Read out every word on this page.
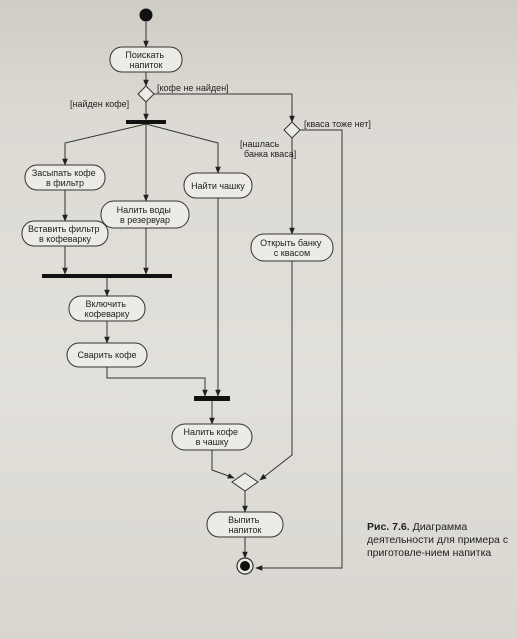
Поискать напиток
Засыпать кофе в фильтр
Налить воды в резервуар
Найти чашку
Вставить фильтр в кофеварку
Включить кофеварку
Сварить кофе
Открыть банку с квасом
Налить кофе в чашку
Выпить напиток
[кофе не найден]
[найден кофе]
[кваса тоже нет]
[нашлась банка кваса]
Рис. 7.6. Диаграмма деятельности для примера с приготовле-нием напитка
